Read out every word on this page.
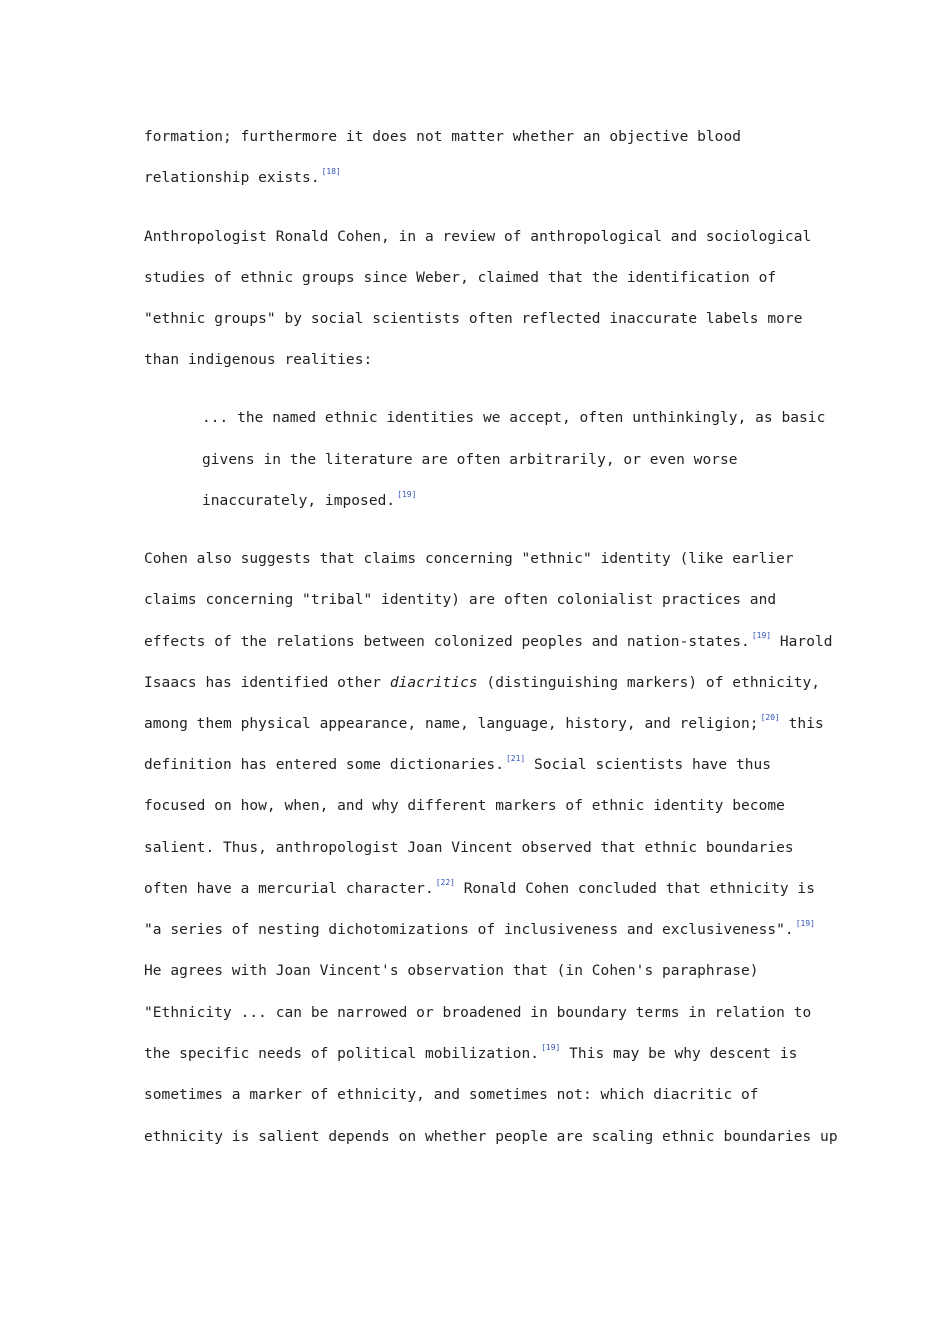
formation; furthermore it does not matter whether an objective blood

relationship exists. [18]

Anthropologist Ronald Cohen, in a review of anthropological and sociological

studies of ethnic groups since Weber, claimed that the identification of

"ethnic groups" by social scientists often reflected inaccurate labels more

than indigenous realities:

... the named ethnic identities we accept, often unthinkingly, as basic

givens in the literature are often arbitrarily, or even worse

inaccurately, imposed. [19]

Cohen also suggests that claims concerning "ethnic" identity (like earlier

claims concerning "tribal" identity) are often colonialist practices and

effects of the relations between colonized peoples and nation-states. [19] Harold

Isaacs has identified other diacritics (distinguishing markers) of ethnicity,

among them physical appearance, name, language, history, and religion; [20] this

definition has entered some dictionaries. [21] Social scientists have thus

focused on how, when, and why different markers of ethnic identity become

salient. Thus, anthropologist Joan Vincent observed that ethnic boundaries

often have a mercurial character. [22] Ronald Cohen concluded that ethnicity is

"a series of nesting dichotomizations of inclusiveness and exclusiveness". [19]

He agrees with Joan Vincent's observation that (in Cohen's paraphrase)

"Ethnicity ... can be narrowed or broadened in boundary terms in relation to

the specific needs of political mobilization. [19] This may be why descent is

sometimes a marker of ethnicity, and sometimes not: which diacritic of

ethnicity is salient depends on whether people are scaling ethnic boundaries up
